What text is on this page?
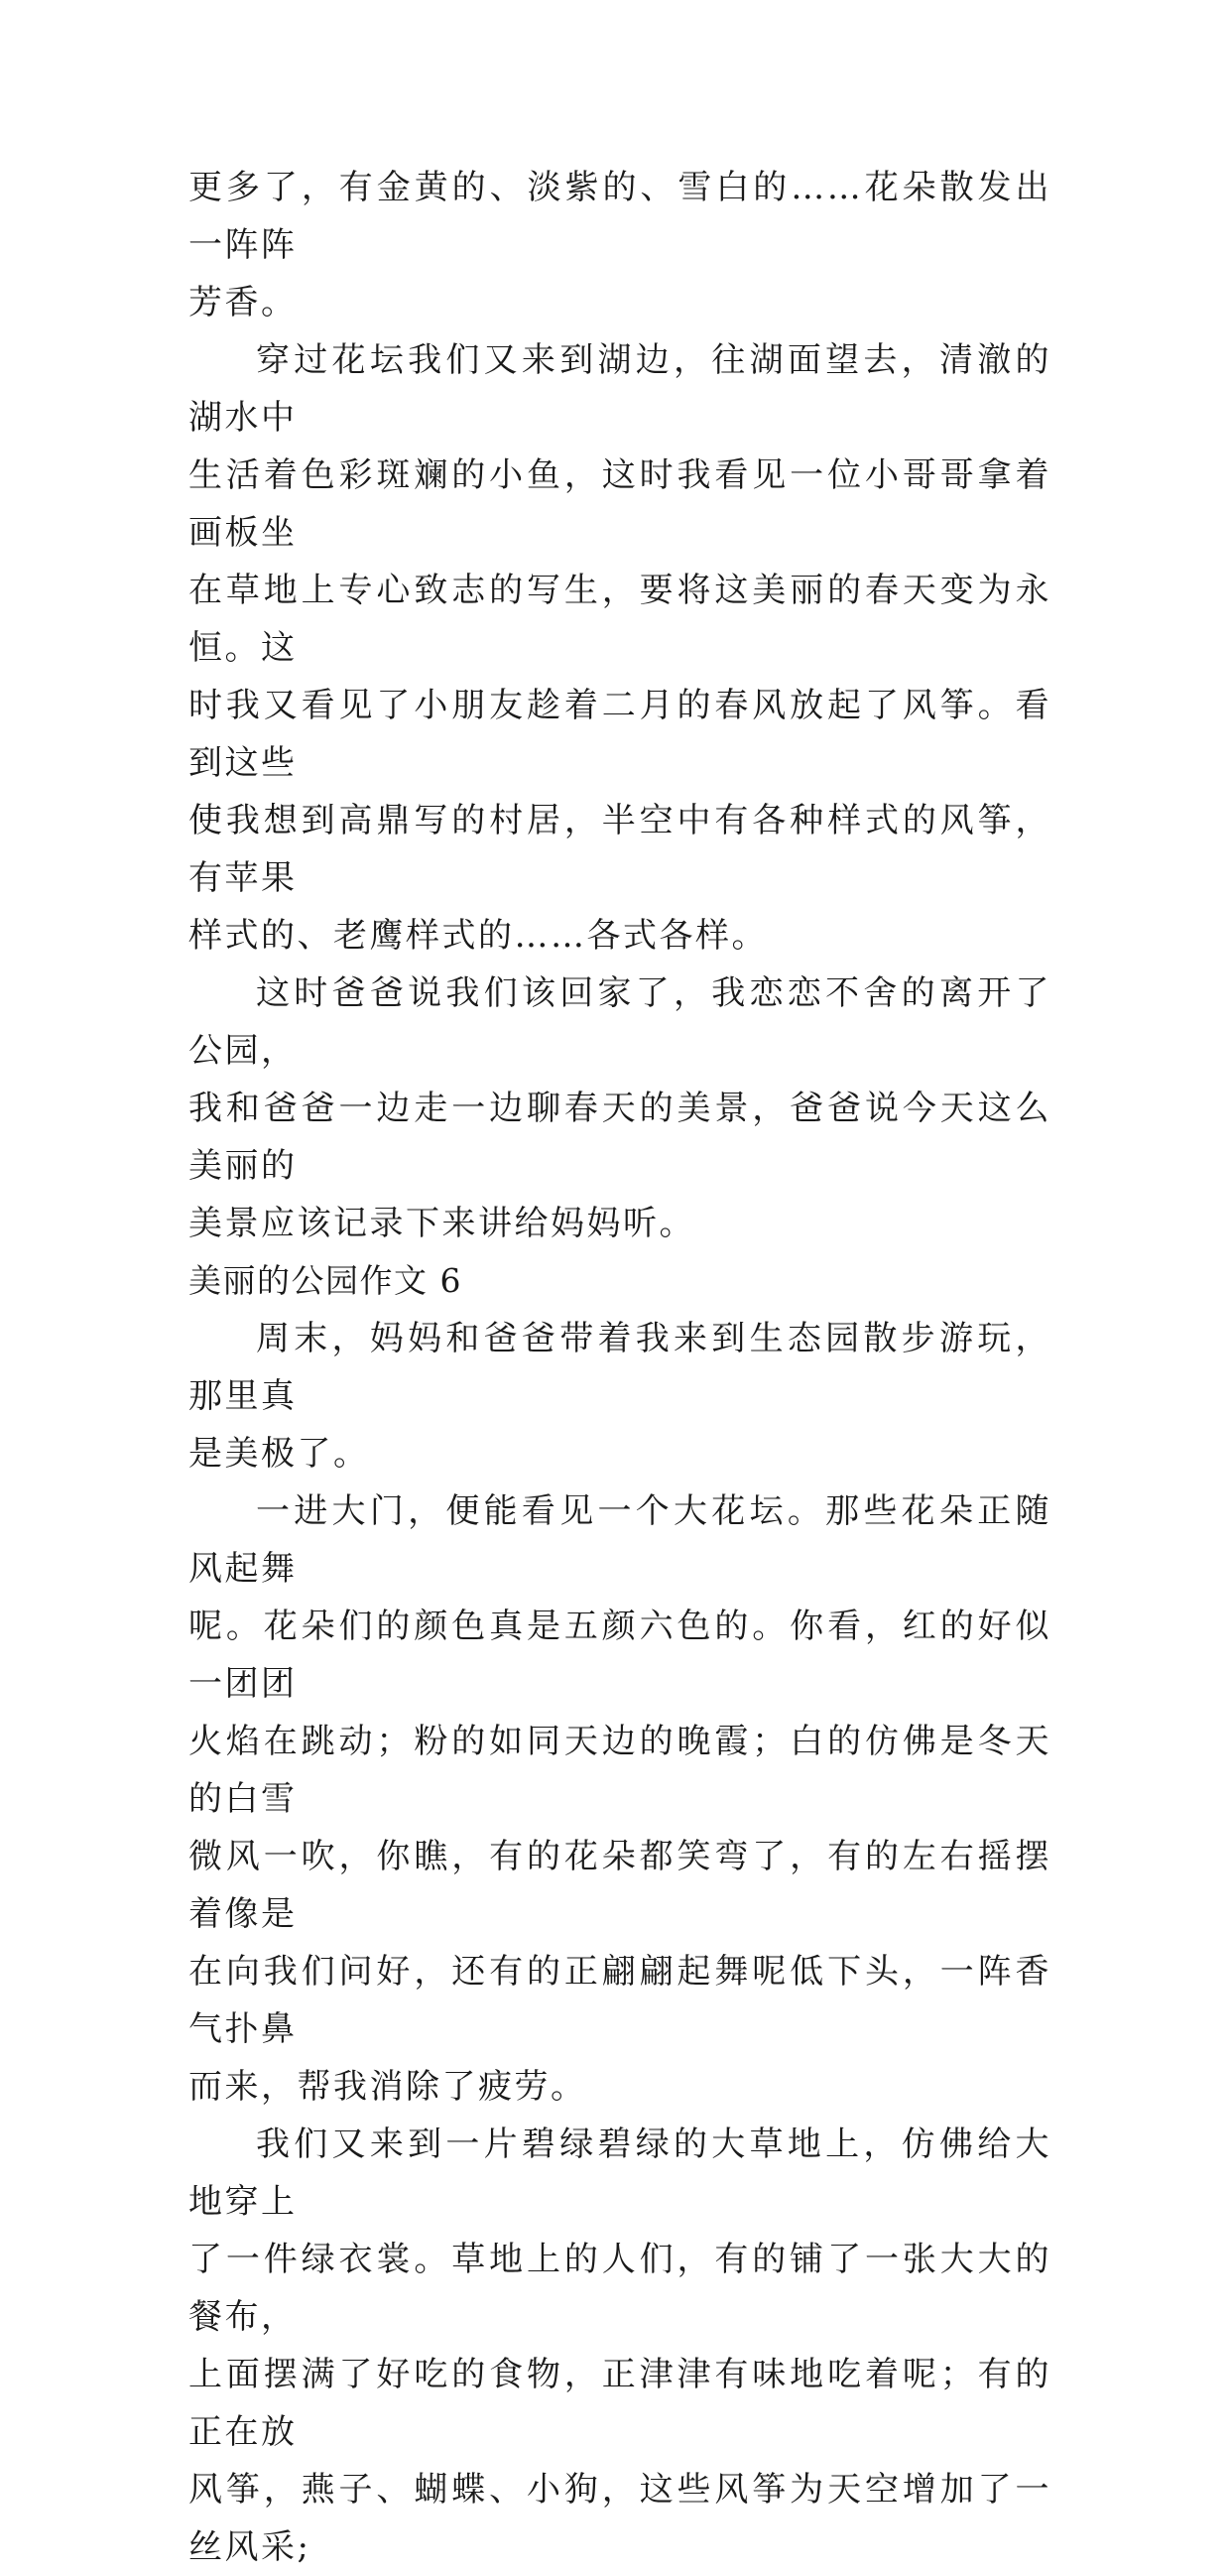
更多了，有金黄的、淡紫的、雪白的……花朵散发出一阵阵
芳香。
穿过花坛我们又来到湖边，往湖面望去，清澈的湖水中
生活着色彩斑斓的小鱼，这时我看见一位小哥哥拿着画板坐
在草地上专心致志的写生，要将这美丽的春天变为永恒。这
时我又看见了小朋友趁着二月的春风放起了风筝。看到这些
使我想到高鼎写的村居，半空中有各种样式的风筝，有苹果
样式的、老鹰样式的……各式各样。
这时爸爸说我们该回家了，我恋恋不舍的离开了公园，
我和爸爸一边走一边聊春天的美景，爸爸说今天这么美丽的
美景应该记录下来讲给妈妈听。
美丽的公园作文 6
周末，妈妈和爸爸带着我来到生态园散步游玩，那里真
是美极了。
一进大门，便能看见一个大花坛。那些花朵正随风起舞
呢。花朵们的颜色真是五颜六色的。你看，红的好似一团团
火焰在跳动；粉的如同天边的晚霞；白的仿佛是冬天的白雪
微风一吹，你瞧，有的花朵都笑弯了，有的左右摇摆着像是
在向我们问好，还有的正翩翩起舞呢低下头，一阵香气扑鼻
而来，帮我消除了疲劳。
我们又来到一片碧绿碧绿的大草地上，仿佛给大地穿上
了一件绿衣裳。草地上的人们，有的铺了一张大大的餐布，
上面摆满了好吃的食物，正津津有味地吃着呢；有的正在放
风筝，燕子、蝴蝶、小狗，这些风筝为天空增加了一丝风采;
